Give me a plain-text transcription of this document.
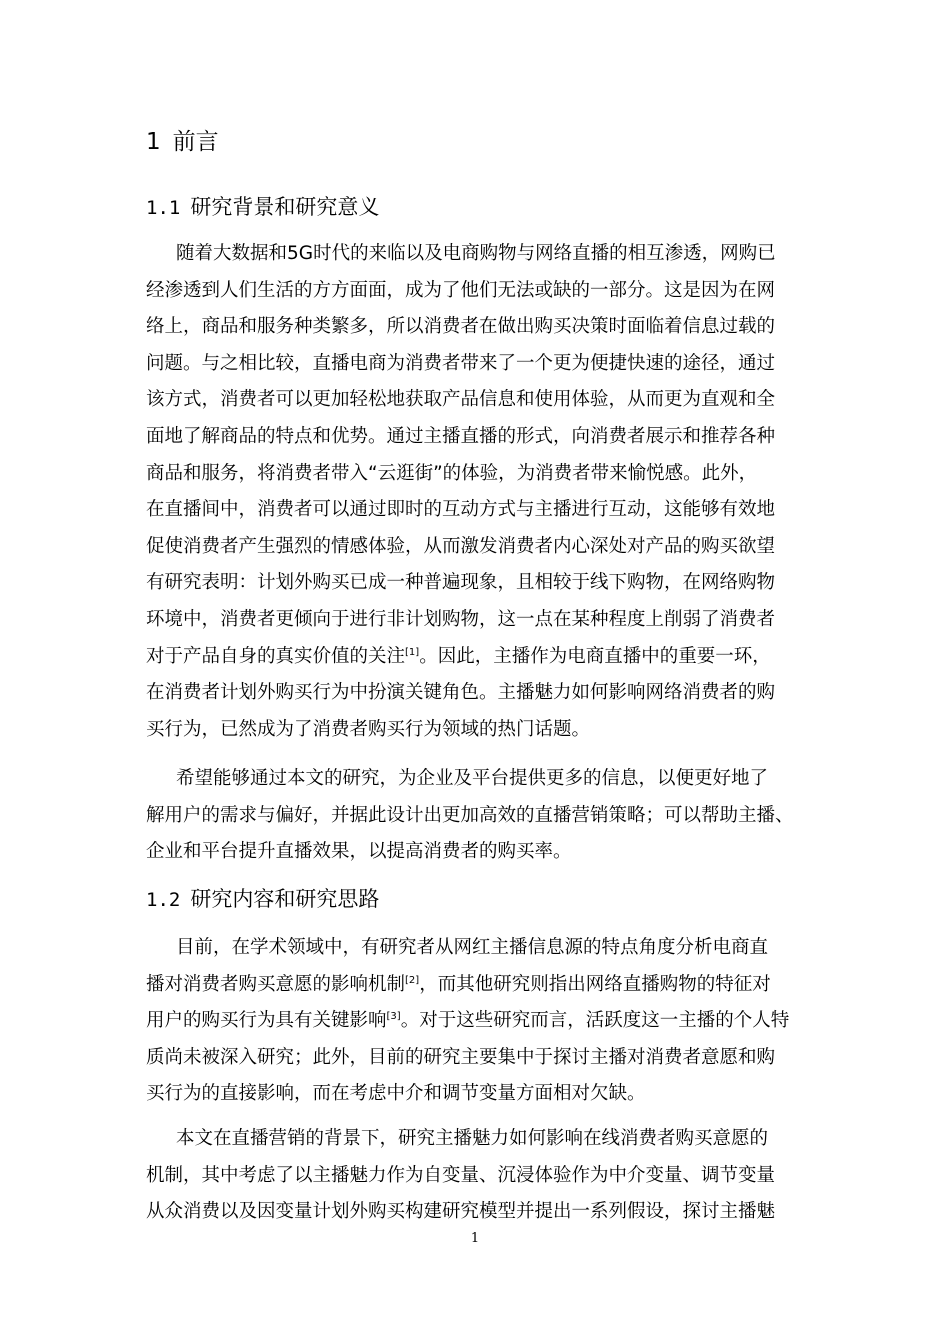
1 前言
1.1 研究背景和研究意义

随着大数据和5G时代的来临以及电商购物与网络直播的相互渗透，网购已
经渗透到人们生活的方方面面，成为了他们无法或缺的一部分。这是因为在网
络上，商品和服务种类繁多，所以消费者在做出购买决策时面临着信息过载的
问题。与之相比较，直播电商为消费者带来了一个更为便捷快速的途径，通过
该方式，消费者可以更加轻松地获取产品信息和使用体验，从而更为直观和全
面地了解商品的特点和优势。通过主播直播的形式，向消费者展示和推荐各种
商品和服务，将消费者带入“云逛街”的体验，为消费者带来愉悦感。此外，
在直播间中，消费者可以通过即时的互动方式与主播进行互动，这能够有效地
促使消费者产生强烈的情感体验，从而激发消费者内心深处对产品的购买欲望
有研究表明：计划外购买已成一种普遍现象，且相较于线下购物，在网络购物
环境中，消费者更倾向于进行非计划购物，这一点在某种程度上削弱了消费者
对于产品自身的真实价值的关注[1]。因此，主播作为电商直播中的重要一环，
在消费者计划外购买行为中扮演关键角色。主播魅力如何影响网络消费者的购
买行为，已然成为了消费者购买行为领域的热门话题。

希望能够通过本文的研究，为企业及平台提供更多的信息，以便更好地了
解用户的需求与偏好，并据此设计出更加高效的直播营销策略；可以帮助主播、
企业和平台提升直播效果，以提高消费者的购买率。

1.2 研究内容和研究思路

目前，在学术领域中，有研究者从网红主播信息源的特点角度分析电商直
播对消费者购买意愿的影响机制[2]，而其他研究则指出网络直播购物的特征对
用户的购买行为具有关键影响[3]。对于这些研究而言，活跃度这一主播的个人特
质尚未被深入研究；此外，目前的研究主要集中于探讨主播对消费者意愿和购
买行为的直接影响，而在考虑中介和调节变量方面相对欠缺。

本文在直播营销的背景下，研究主播魅力如何影响在线消费者购买意愿的
机制，其中考虑了以主播魅力作为自变量、沉浸体验作为中介变量、调节变量
从众消费以及因变量计划外购买构建研究模型并提出一系列假设，探讨主播魅

1
